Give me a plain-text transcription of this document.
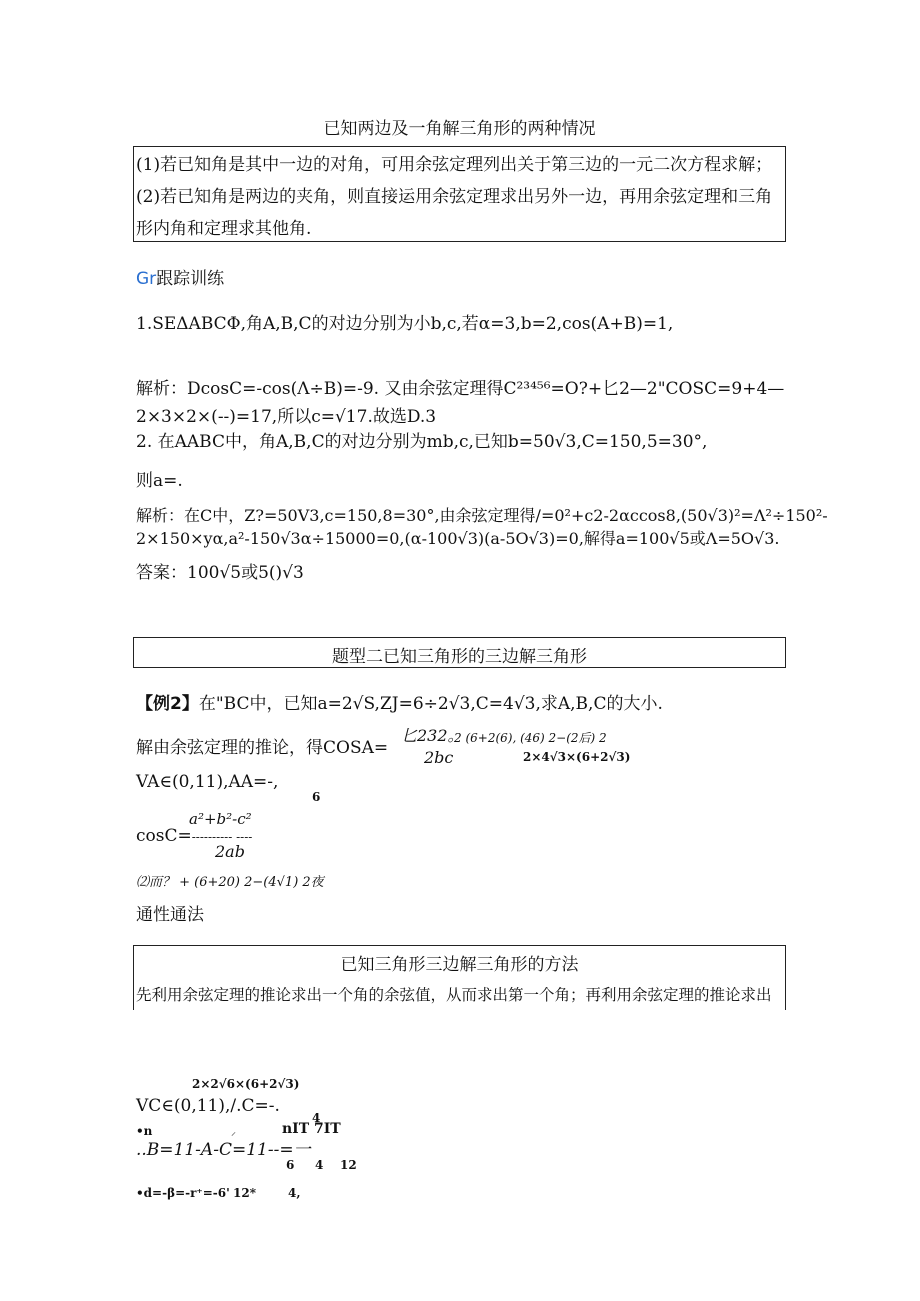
已知两边及一角解三角形的两种情况
(1)若已知角是其中一边的对角，可用余弦定理列出关于第三边的一元二次方程求解；
(2)若已知角是两边的夹角，则直接运用余弦定理求出另外一边，再用余弦定理和三角
形内角和定理求其他角.
Gr跟踪训练
1.SEΔABCΦ,角A,B,C的对边分别为小b,c,若α=3,b=2,cos(A+B)=1,
解析：DcosC=-cos(Λ÷B)=-9. 又由余弦定理得C²³⁴⁵⁶=O?+匕2—2"COSC=9+4—
2×3×2×(--)=17,所以c=√17.故选D.3
2. 在AABC中，角A,B,C的对边分别为mb,c,已知b=50√3,C=150,5=30°,
则a=.
解析：在C中，Z?=50V3,c=150,8=30°,由余弦定理得∕=0²+c2-2αccos8,(50√3)²=Λ²÷150²-
2×150×yα,a²-150√3α÷15000=0,(α-100√3)(a-5O√3)=0,解得a=100√5或Λ=5O√3.
答案：100√5或5()√3
题型二已知三角形的三边解三角形
【例2】在"BC中，已知a=2√S,ZJ=6÷2√3,C=4√3,求A,B,C的大小.
解由余弦定理的推论，得COSA=
匕232。
2 (6+2(6), (46) 2−(2后) 2
2bc	2×4√3×(6+2√3)
VA∈(0,11),AA=-,
6
a²+b²-c²
cosC=---------- ----
2ab
⑵而？ + (6+20) 2−(4√1) 2夜
通性通法
已知三角形三边解三角形的方法
先利用余弦定理的推论求出一个角的余弦值，从而求出第一个角；再利用余弦定理的推论求出
2×2√6×(6+2√3)
VC∈(0,11),/.C=-.
4
•n	⸝	nIT 7IT
..B=11-A-C=11--=一
6 4 12
•d=-β=-r⁺=-6' 12*	4,
